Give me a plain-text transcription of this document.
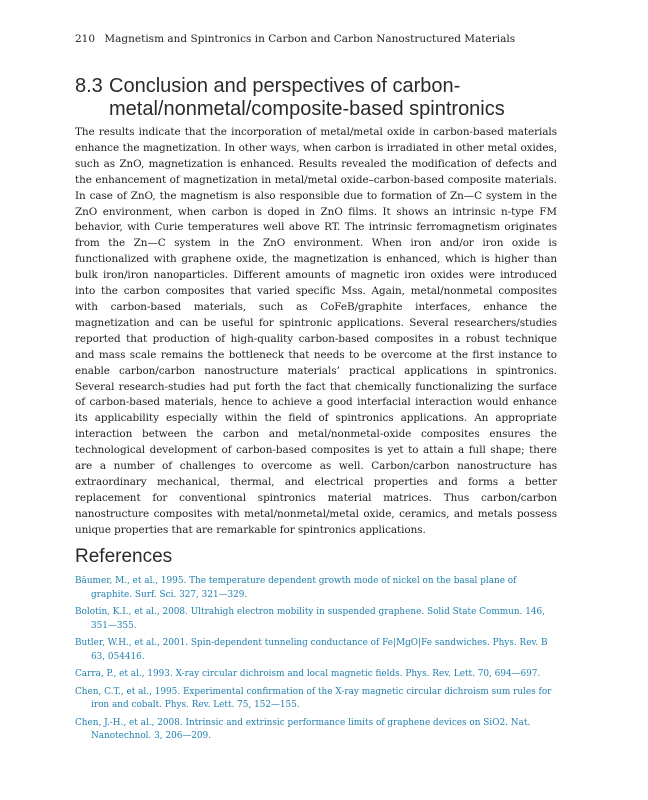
210 Magnetism and Spintronics in Carbon and Carbon Nanostructured Materials
8.3 Conclusion and perspectives of carbon-metal/nonmetal/composite-based spintronics

The results indicate that the incorporation of metal/metal oxide in carbon-based materials enhance the magnetization. In other ways, when carbon is irradiated in other metal oxides, such as ZnO, magnetization is enhanced. Results revealed the modification of defects and the enhancement of magnetization in metal/metal oxide–carbon-based composite materials. In case of ZnO, the magnetism is also responsible due to formation of Zn—C system in the ZnO environment, when carbon is doped in ZnO films. It shows an intrinsic n-type FM behavior, with Curie temperatures well above RT. The intrinsic ferromagnetism originates from the Zn—C system in the ZnO environment. When iron and/or iron oxide is functionalized with graphene oxide, the magnetization is enhanced, which is higher than bulk iron/iron nanoparticles. Different amounts of magnetic iron oxides were introduced into the carbon composites that varied specific Mss. Again, metal/nonmetal composites with carbon-based materials, such as CoFeB/graphite interfaces, enhance the magnetization and can be useful for spintronic applications. Several researchers/studies reported that production of high-quality carbon-based composites in a robust technique and mass scale remains the bottleneck that needs to be overcome at the first instance to enable carbon/carbon nanostructure materials’ practical applications in spintronics. Several research-studies had put forth the fact that chemically functionalizing the surface of carbon-based materials, hence to achieve a good interfacial interaction would enhance its applicability especially within the field of spintronics applications. An appropriate interaction between the carbon and metal/nonmetal-oxide composites ensures the technological development of carbon-based composites is yet to attain a full shape; there are a number of challenges to overcome as well. Carbon/carbon nanostructure has extraordinary mechanical, thermal, and electrical properties and forms a better replacement for conventional spintronics material matrices. Thus carbon/carbon nanostructure composites with metal/nonmetal/metal oxide, ceramics, and metals possess unique properties that are remarkable for spintronics applications.

References
Bäumer, M., et al., 1995. The temperature dependent growth mode of nickel on the basal plane of graphite. Surf. Sci. 327, 321—329.
Bolotin, K.I., et al., 2008. Ultrahigh electron mobility in suspended graphene. Solid State Commun. 146, 351—355.
Butler, W.H., et al., 2001. Spin-dependent tunneling conductance of Fe|MgO|Fe sandwiches. Phys. Rev. B 63, 054416.
Carra, P., et al., 1993. X-ray circular dichroism and local magnetic fields. Phys. Rev. Lett. 70, 694—697.
Chen, C.T., et al., 1995. Experimental confirmation of the X-ray magnetic circular dichroism sum rules for iron and cobalt. Phys. Rev. Lett. 75, 152—155.
Chen, J.-H., et al., 2008. Intrinsic and extrinsic performance limits of graphene devices on SiO2. Nat. Nanotechnol. 3, 206—209.
